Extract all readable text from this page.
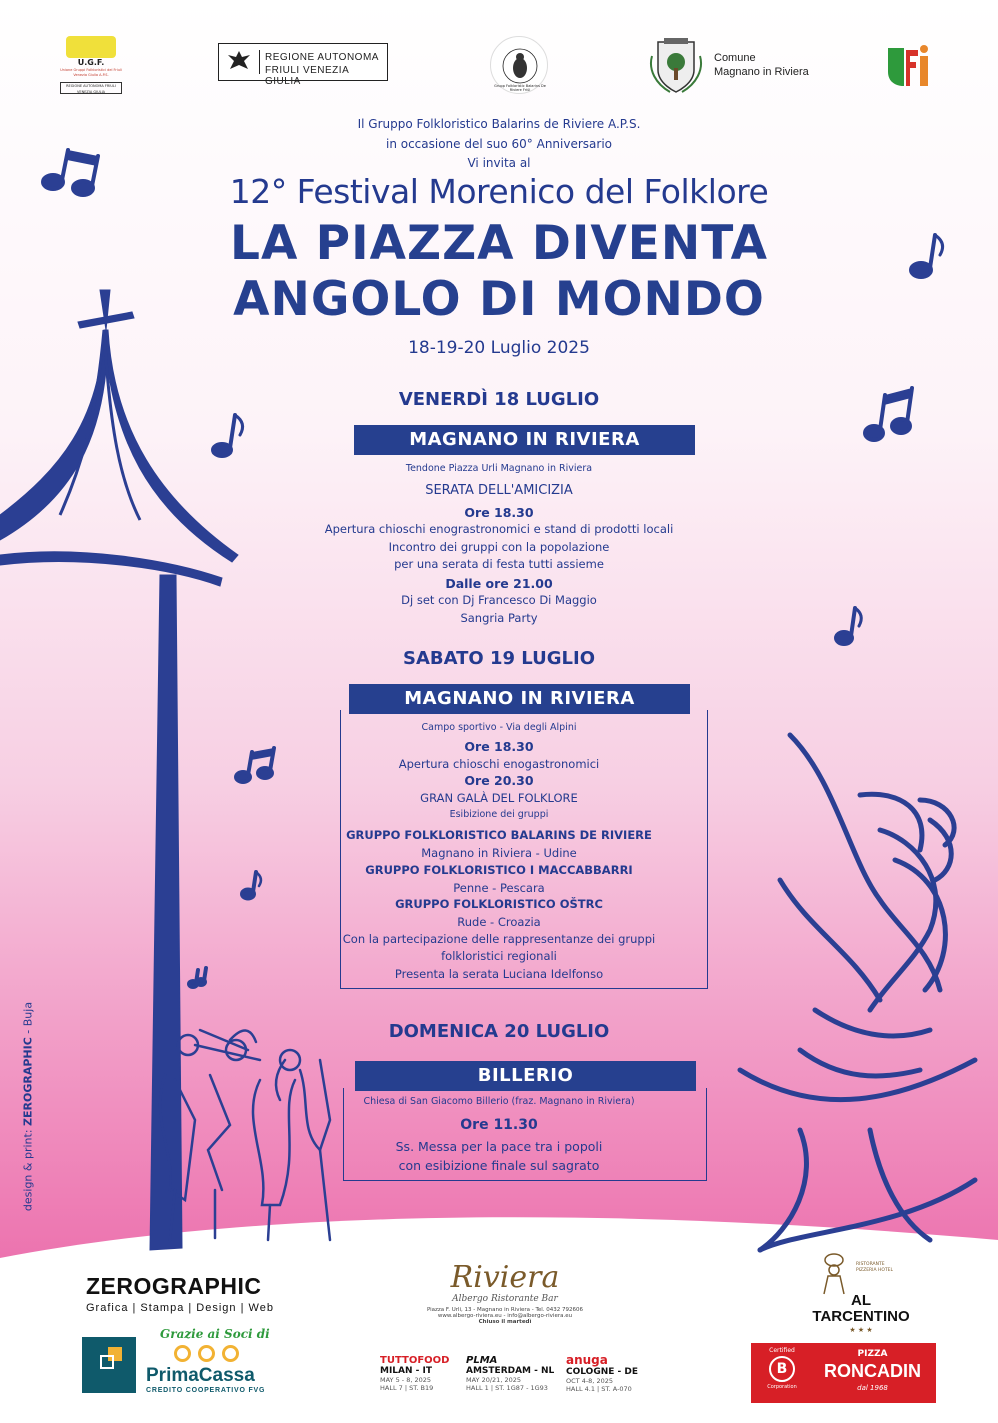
U.G.F.
Unione Gruppi Folkloristici del Friuli Venezia Giulia A.P.S.
REGIONE AUTONOMA FRIULI VENEZIA GIULIA
REGIONE AUTONOMA
FRIULI VENEZIA GIULIA	Grupp Folkloristic Balarins De Riviere Friûl
Comune
Magnano in Riviera
Il Gruppo Folkloristico Balarins de Riviere A.P.S.
in occasione del suo 60° Anniversario
Vi invita al
12° Festival Morenico del Folklore
LA PIAZZA DIVENTA
ANGOLO DI MONDO
18-19-20 Luglio 2025
VENERDÌ 18 LUGLIO
MAGNANO IN RIVIERA
Tendone Piazza Urli Magnano in Riviera
SERATA DELL'AMICIZIA
Ore 18.30
Apertura chioschi enograstronomici e stand di prodotti locali
Incontro dei gruppi con la popolazione
per una serata di festa tutti assieme
Dalle ore 21.00
Dj set con Dj Francesco Di Maggio
Sangria Party
SABATO 19 LUGLIO
MAGNANO IN RIVIERA
Campo sportivo - Via degli Alpini
Ore 18.30
Apertura chioschi enogastronomici
Ore 20.30
GRAN GALÀ DEL FOLKLORE
Esibizione dei gruppi
GRUPPO FOLKLORISTICO BALARINS DE RIVIERE
Magnano in Riviera - Udine
GRUPPO FOLKLORISTICO I MACCABBARRI
Penne - Pescara
GRUPPO FOLKLORISTICO OŠTRC
Rude - Croazia
Con la partecipazione delle rappresentanze dei gruppi
folkloristici regionali
Presenta la serata Luciana Idelfonso
DOMENICA 20 LUGLIO
BILLERIO
Chiesa di San Giacomo Billerio (fraz. Magnano in Riviera)
Ore 11.30
Ss. Messa per la pace tra i popoli
con esibizione finale sul sagrato
design & print: ZEROGRAPHIC - Buja
ZEROGRAPHIC
Grafica | Stampa | Design | Web
Riviera
Albergo Ristorante Bar
Piazza F. Urli, 13 - Magnano in Riviera - Tel. 0432 792606
www.albergo-riviera.eu - info@albergo-riviera.eu
Chiuso il martedì
RISTORANTE PIZZERIA HOTEL
AL
TARCENTINO
★ ★ ★
Grazie ai Soci di

PrimaCassa
CREDITO COOPERATIVO FVG
TUTTOFOOD
MILAN - IT
MAY 5 - 8, 2025
HALL 7 | ST. B19
PLMA
AMSTERDAM - NL
MAY 20/21, 2025
HALL 1 | ST. 1G87 - 1G93
anuga
COLOGNE - DE
OCT 4-8, 2025
HALL 4.1 | ST. A-070
Certified
B
Corporation
PIZZA
RONCADIN
dal 1968
